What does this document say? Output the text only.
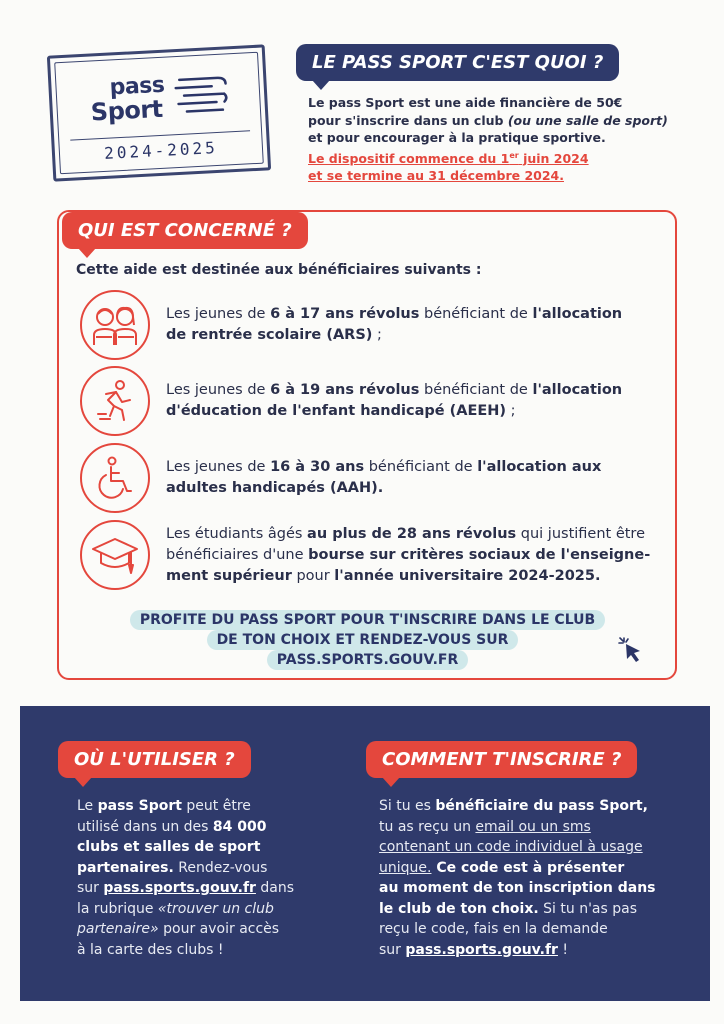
pass
Sport
2024-2025
LE PASS SPORT C'EST QUOI ?
Le pass Sport est une aide financière de 50€
pour s'inscrire dans un club (ou une salle de sport)
et pour encourager à la pratique sportive.
Le dispositif commence du 1er juin 2024
et se termine au 31 décembre 2024.
QUI EST CONCERNÉ ?
Cette aide est destinée aux bénéficiaires suivants :
Les jeunes de 6 à 17 ans révolus bénéficiant de l'allocation
de rentrée scolaire (ARS) ;
Les jeunes de 6 à 19 ans révolus bénéficiant de l'allocation
d'éducation de l'enfant handicapé (AEEH) ;
Les jeunes de 16 à 30 ans bénéficiant de l'allocation aux
adultes handicapés (AAH).
Les étudiants âgés au plus de 28 ans révolus qui justifient être
bénéficiaires d'une bourse sur critères sociaux de l'enseigne-
ment supérieur pour l'année universitaire 2024-2025.
PROFITE DU PASS SPORT POUR T'INSCRIRE DANS LE CLUB
DE TON CHOIX ET RENDEZ-VOUS SUR PASS.SPORTS.GOUV.FR
OÙ L'UTILISER ?
Le pass Sport peut être
utilisé dans un des 84 000
clubs et salles de sport
partenaires. Rendez-vous
sur pass.sports.gouv.fr dans
la rubrique «trouver un club
partenaire» pour avoir accès
à la carte des clubs !
COMMENT T'INSCRIRE ?
Si tu es bénéficiaire du pass Sport,
tu as reçu un email ou un sms
contenant un code individuel à usage
unique. Ce code est à présenter
au moment de ton inscription dans
le club de ton choix. Si tu n'as pas
reçu le code, fais en la demande
sur pass.sports.gouv.fr !
